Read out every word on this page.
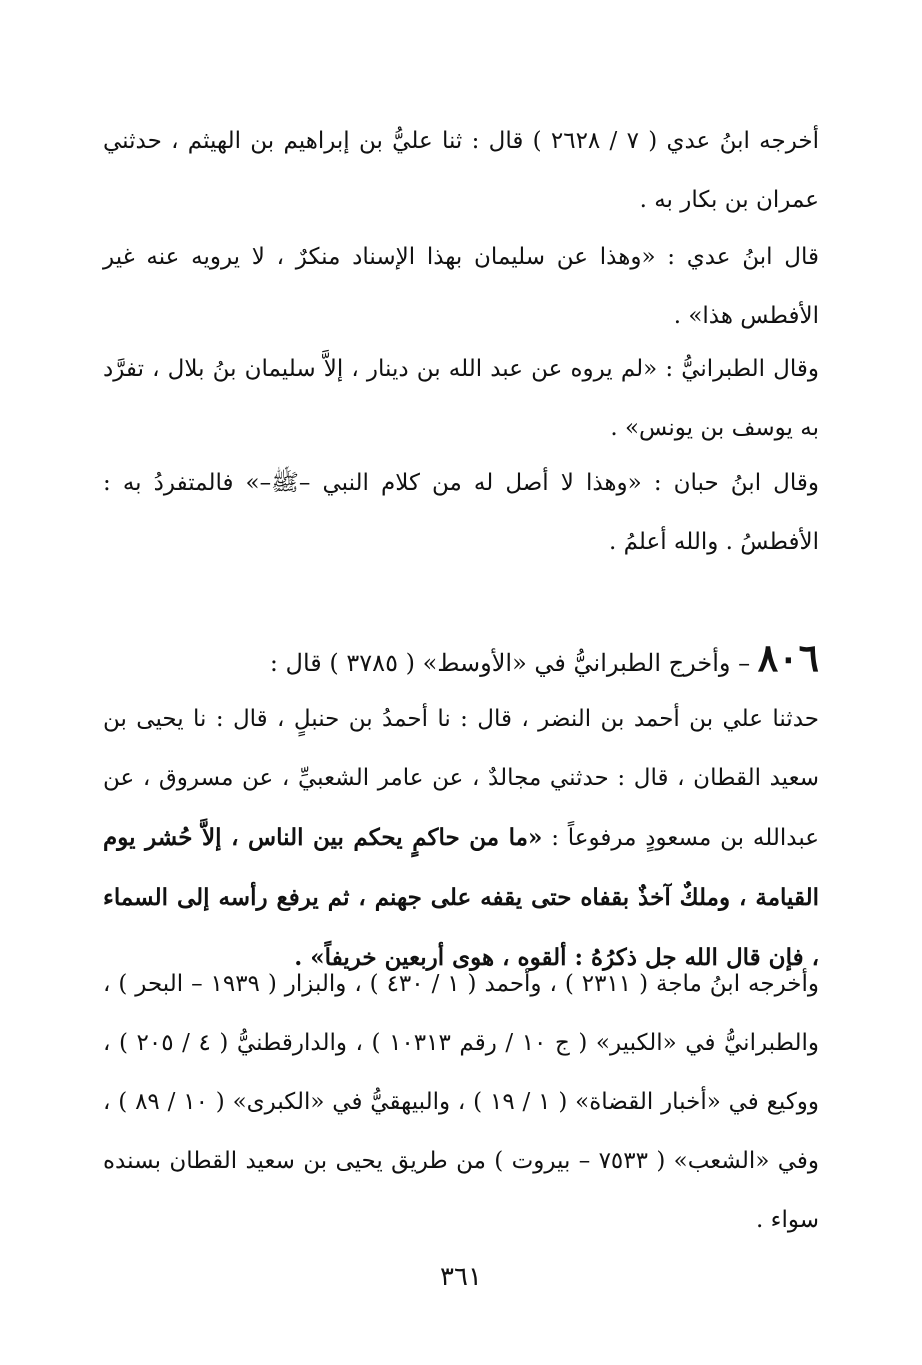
أخرجه ابنُ عدي ( ٧ / ٢٦٢٨ ) قال : ثنا عليُّ بن إبراهيم بن الهيثم ، حدثني عمران بن بكار به .

قال ابنُ عدي : «وهذا عن سليمان بهذا الإسناد منكرٌ ، لا يرويه عنه غير الأفطس هذا» .

وقال الطبرانيُّ : «لم يروه عن عبد الله بن دينار ، إلاَّ سليمان بنُ بلال ، تفرَّد به يوسف بن يونس» .

وقال ابنُ حبان : «وهذا لا أصل له من كلام النبي –ﷺ–» فالمتفردُ به : الأفطسُ . والله أعلمُ .

٨٠٦ – وأخرج الطبرانيُّ في «الأوسط» ( ٣٧٨٥ ) قال :

حدثنا علي بن أحمد بن النضر ، قال : نا أحمدُ بن حنبلٍ ، قال : نا يحيى بن سعيد القطان ، قال : حدثني مجالدٌ ، عن عامر الشعبيِّ ، عن مسروق ، عن عبدالله بن مسعودٍ مرفوعاً : «ما من حاكمٍ يحكم بين الناس ، إلاَّ حُشر يوم القيامة ، وملكٌ آخذٌ بقفاه حتى يقفه على جهنم ، ثم يرفع رأسه إلى السماء ، فإن قال الله جل ذكرُهُ : ألقوه ، هوى أربعين خريفاً» .

وأخرجه ابنُ ماجة ( ٢٣١١ ) ، وأحمد ( ١ / ٤٣٠ ) ، والبزار ( ١٩٣٩ – البحر ) ، والطبرانيُّ في «الكبير» ( ج ١٠ / رقم ١٠٣١٣ ) ، والدارقطنيُّ ( ٤ / ٢٠٥ ) ، ووكيع في «أخبار القضاة» ( ١ / ١٩ ) ، والبيهقيُّ في «الكبرى» ( ١٠ / ٨٩ ) ، وفي «الشعب» ( ٧٥٣٣ – بيروت ) من طريق يحيى بن سعيد القطان بسنده سواء .

٣٦١
